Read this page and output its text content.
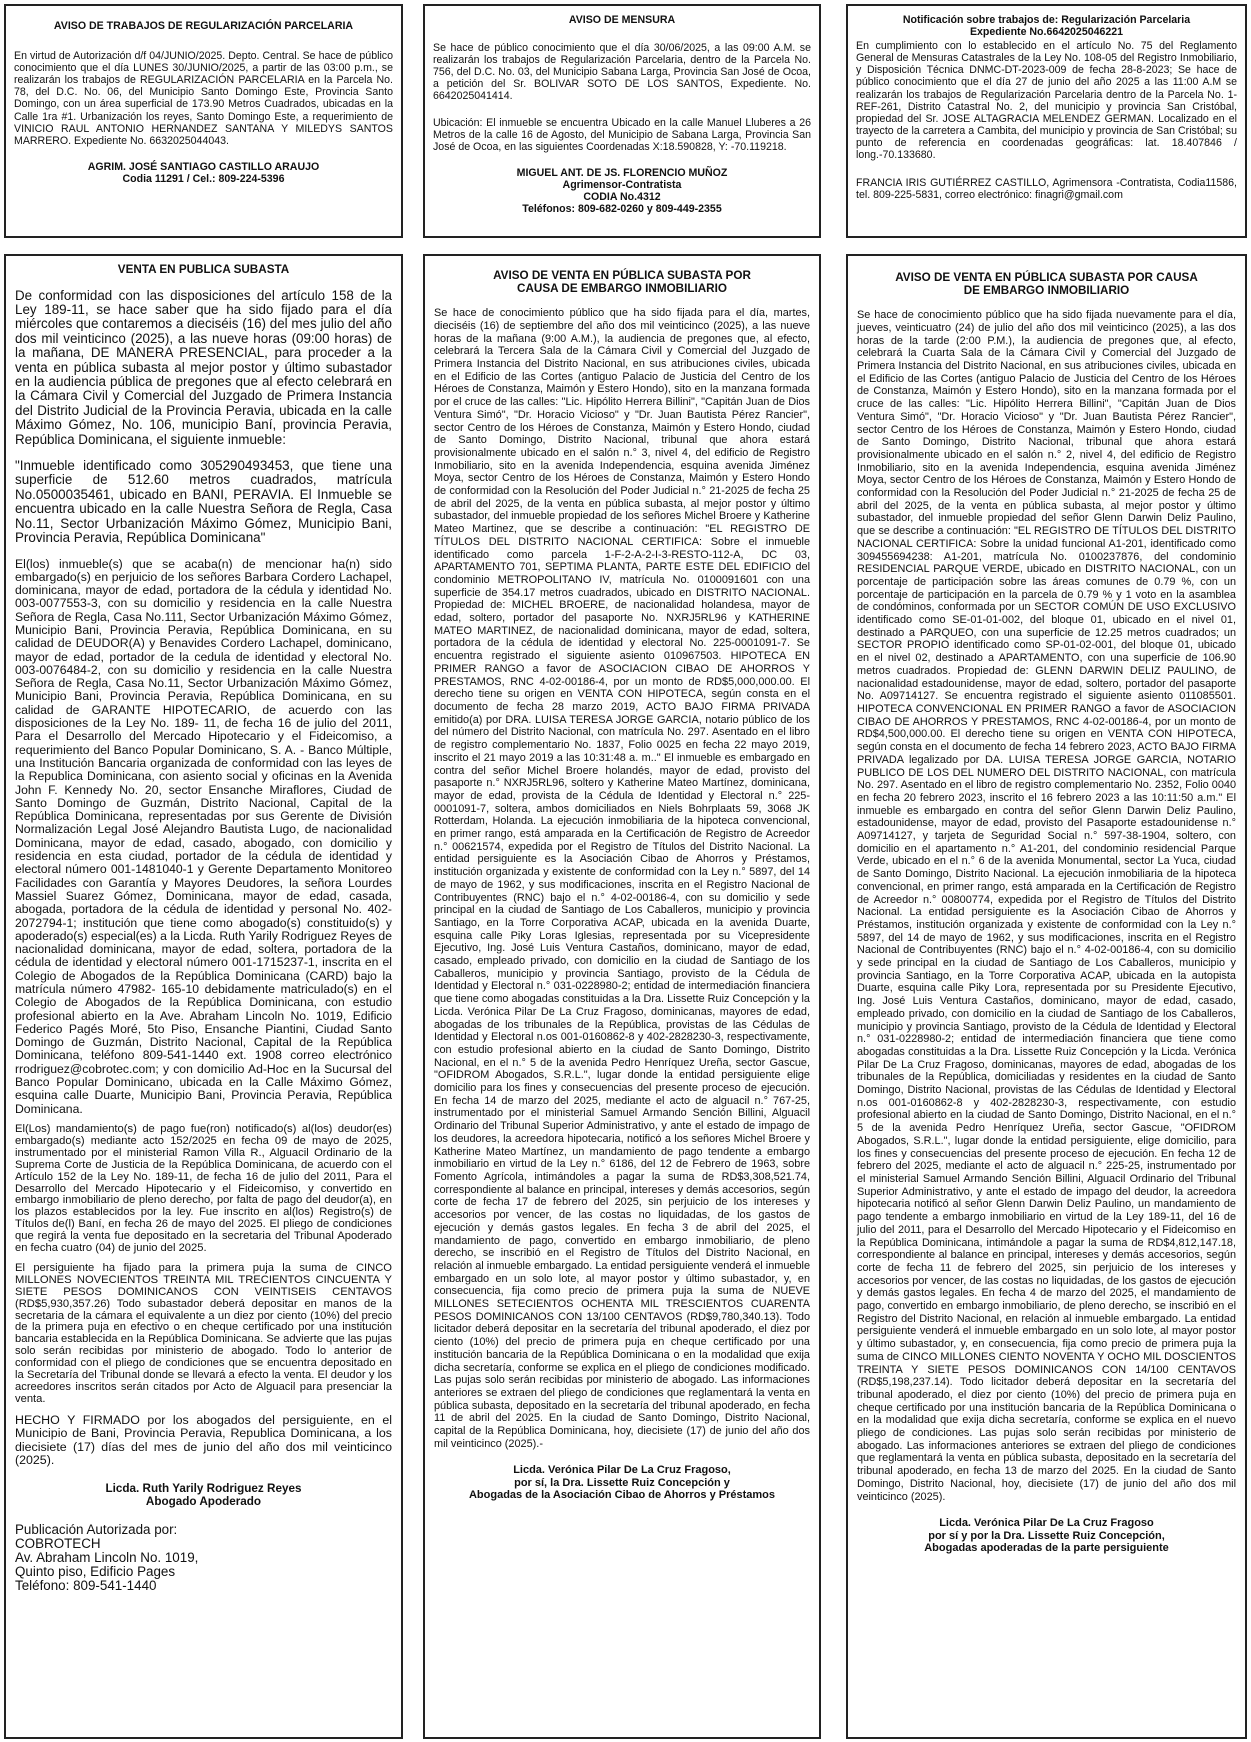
AVISO DE TRABAJOS DE REGULARIZACIÓN PARCELARIA
En virtud de Autorización d/f 04/JUNIO/2025. Depto. Central. Se hace de público conocimiento que el día LUNES 30/JUNIO/2025, a partir de las 03:00 p.m., se realizarán los trabajos de REGULARIZACIÓN PARCELARIA en la Parcela No. 78, del D.C. No. 06, del Municipio Santo Domingo Este, Provincia Santo Domingo, con un área superficial de 173.90 Metros Cuadrados, ubicadas en la Calle 1ra #1. Urbanización los reyes, Santo Domingo Este, a requerimiento de VINICIO RAUL ANTONIO HERNANDEZ SANTANA Y MILEDYS SANTOS MARRERO. Expediente No. 6632025044043.
AGRIM. JOSÉ SANTIAGO CASTILLO ARAUJO
Codia 11291 / Cel.: 809-224-5396
AVISO DE MENSURA
Se hace de público conocimiento que el día 30/06/2025, a las 09:00 A.M. se realizarán los trabajos de Regularización Parcelaria, dentro de la Parcela No. 756, del D.C. No. 03, del Municipio Sabana Larga, Provincia San José de Ocoa, a petición del Sr. BOLIVAR SOTO DE LOS SANTOS, Expediente. No. 6642025041414.
Ubicación: El inmueble se encuentra Ubicado en la calle Manuel Lluberes a 26 Metros de la calle 16 de Agosto, del Municipio de Sabana Larga, Provincia San José de Ocoa, en las siguientes Coordenadas X:18.590828, Y: -70.119218.
MIGUEL ANT. DE JS. FLORENCIO MUÑOZ
Agrimensor-Contratista
CODIA No.4312
Teléfonos: 809-682-0260 y 809-449-2355
Notificación sobre trabajos de: Regularización Parcelaria
Expediente No.6642025046221
En cumplimiento con lo establecido en el artículo No. 75 del Reglamento General de Mensuras Catastrales de la Ley No. 108-05 del Registro Inmobiliario, y Disposición Técnica DNMC-DT-2023-009 de fecha 28-8-2023; Se hace de público conocimiento que el día 27 de junio del año 2025 a las 11:00 A.M se realizarán los trabajos de Regularización Parcelaria dentro de la Parcela No. 1-REF-261, Distrito Catastral No. 2, del municipio y provincia San Cristóbal, propiedad del Sr. JOSE ALTAGRACIA MELENDEZ GERMAN. Localizado en el trayecto de la carretera a Cambita, del municipio y provincia de San Cristóbal; su punto de referencia en coordenadas geográficas: lat. 18.407846 / long.-70.133680.
FRANCIA IRIS GUTIÉRREZ CASTILLO, Agrimensora -Contratista, Codia11586, tel. 809-225-5831, correo electrónico: finagri@gmail.com
VENTA EN PUBLICA SUBASTA
De conformidad con las disposiciones del artículo 158 de la Ley 189-11, se hace saber que ha sido fijado para el día miércoles que contaremos a dieciséis (16) del mes julio del año dos mil veinticinco (2025), a las nueve horas (09:00 horas) de la mañana, DE MANERA PRESENCIAL, para proceder a la venta en pública subasta al mejor postor y último subastador en la audiencia pública de pregones que al efecto celebrará en la Cámara Civil y Comercial del Juzgado de Primera Instancia del Distrito Judicial de la Provincia Peravia, ubicada en la calle Máximo Gómez, No. 106, municipio Baní, provincia Peravia, República Dominicana, el siguiente inmueble:
"Inmueble identificado como 305290493453, que tiene una superficie de 512.60 metros cuadrados, matrícula No.0500035461, ubicado en BANI, PERAVIA. El Inmueble se encuentra ubicado en la calle Nuestra Señora de Regla, Casa No.11, Sector Urbanización Máximo Gómez, Municipio Bani, Provincia Peravia, República Dominicana"
El(los) inmueble(s) que se acaba(n) de mencionar ha(n) sido embargado(s) en perjuicio de los señores Barbara Cordero Lachapel, dominicana, mayor de edad, portadora de la cédula y identidad No. 003-0077553-3, con su domicilio y residencia en la calle Nuestra Señora de Regla, Casa No.111, Sector Urbanización Máximo Gómez, Municipio Bani, Provincia Peravia, República Dominicana, en su calidad de DEUDOR(A) y Benavides Cordero Lachapel, dominicano, mayor de edad, portador de la cedula de identidad y electoral No. 003-0076484-2, con su domicilio y residencia en la calle Nuestra Señora de Regla, Casa No.11, Sector Urbanización Máximo Gómez, Municipio Bani, Provincia Peravia, República Dominicana, en su calidad de GARANTE HIPOTECARIO, de acuerdo con las disposiciones de la Ley No. 189- 11, de fecha 16 de julio del 2011, Para el Desarrollo del Mercado Hipotecario y el Fideicomiso, a requerimiento del Banco Popular Dominicano, S. A. - Banco Múltiple, una Institución Bancaria organizada de conformidad con las leyes de la Republica Dominicana, con asiento social y oficinas en la Avenida John F. Kennedy No. 20, sector Ensanche Miraflores, Ciudad de Santo Domingo de Guzmán, Distrito Nacional, Capital de la República Dominicana, representadas por sus Gerente de División Normalización Legal José Alejandro Bautista Lugo, de nacionalidad Dominicana, mayor de edad, casado, abogado, con domicilio y residencia en esta ciudad, portador de la cédula de identidad y electoral número 001-1481040-1 y Gerente Departamento Monitoreo Facilidades con Garantía y Mayores Deudores, la señora Lourdes Massiel Suarez Gómez, Dominicana, mayor de edad, casada, abogada, portadora de la cédula de identidad y personal No. 402-2072794-1; institución que tiene como abogado(s) constituido(s) y apoderado(s) especial(es) a la Licda. Ruth Yarily Rodriguez Reyes de nacionalidad dominicana, mayor de edad, soltera, portadora de la cédula de identidad y electoral número 001-1715237-1, inscrita en el Colegio de Abogados de la República Dominicana (CARD) bajo la matrícula número 47982- 165-10 debidamente matriculado(s) en el Colegio de Abogados de la República Dominicana, con estudio profesional abierto en la Ave. Abraham Lincoln No. 1019, Edificio Federico Pagés Moré, 5to Piso, Ensanche Piantini, Ciudad Santo Domingo de Guzmán, Distrito Nacional, Capital de la República Dominicana, teléfono 809-541-1440 ext. 1908 correo electrónico rrodriguez@cobrotec.com; y con domicilio Ad-Hoc en la Sucursal del Banco Popular Dominicano, ubicada en la Calle Máximo Gómez, esquina calle Duarte, Municipio Bani, Provincia Peravia, República Dominicana.
El(Los) mandamiento(s) de pago fue(ron) notificado(s) al(los) deudor(es) embargado(s) mediante acto 152/2025 en fecha 09 de mayo de 2025, instrumentado por el ministerial Ramon Villa R., Alguacil Ordinario de la Suprema Corte de Justicia de la República Dominicana, de acuerdo con el Artículo 152 de la Ley No. 189-11, de fecha 16 de julio del 2011, Para el Desarrollo del Mercado Hipotecario y el Fideicomiso, y convertido en embargo inmobiliario de pleno derecho, por falta de pago del deudor(a), en los plazos establecidos por la ley. Fue inscrito en al(los) Registro(s) de Títulos de(l) Baní, en fecha 26 de mayo del 2025. El pliego de condiciones que regirá la venta fue depositado en la secretaria del Tribunal Apoderado en fecha cuatro (04) de junio del 2025.
El persiguiente ha fijado para la primera puja la suma de CINCO MILLONES NOVECIENTOS TREINTA MIL TRECIENTOS CINCUENTA Y SIETE PESOS DOMINICANOS CON VEINTISEIS CENTAVOS (RD$5,930,357.26) Todo subastador deberá depositar en manos de la secretaria de la cámara el equivalente a un diez por ciento (10%) del precio de la primera puja en efectivo o en cheque certificado por una institución bancaria establecida en la República Dominicana. Se advierte que las pujas solo serán recibidas por ministerio de abogado. Todo lo anterior de conformidad con el pliego de condiciones que se encuentra depositado en la Secretaría del Tribunal donde se llevará a efecto la venta. El deudor y los acreedores inscritos serán citados por Acto de Alguacil para presenciar la venta.
HECHO Y FIRMADO por los abogados del persiguiente, en el Municipio de Bani, Provincia Peravia, Republica Dominicana, a los diecisiete (17) días del mes de junio del año dos mil veinticinco (2025).
Licda. Ruth Yarily Rodriguez Reyes
Abogado Apoderado
Publicación Autorizada por:
COBROTECH
Av. Abraham Lincoln No. 1019,
Quinto piso, Edificio Pages
Teléfono: 809-541-1440
AVISO DE VENTA EN PÚBLICA SUBASTA POR
CAUSA DE EMBARGO INMOBILIARIO
Se hace de conocimiento público que ha sido fijada para el día, martes, dieciséis (16) de septiembre del año dos mil veinticinco (2025), a las nueve horas de la mañana (9:00 A.M.), la audiencia de pregones que, al efecto, celebrará la Tercera Sala de la Cámara Civil y Comercial del Juzgado de Primera Instancia del Distrito Nacional, en sus atribuciones civiles, ubicada en el Edificio de las Cortes (antiguo Palacio de Justicia del Centro de los Héroes de Constanza, Maimón y Estero Hondo), sito en la manzana formada por el cruce de las calles: "Lic. Hipólito Herrera Billini", "Capitán Juan de Dios Ventura Simó", "Dr. Horacio Vicioso" y "Dr. Juan Bautista Pérez Rancier", sector Centro de los Héroes de Constanza, Maimón y Estero Hondo, ciudad de Santo Domingo, Distrito Nacional, tribunal que ahora estará provisionalmente ubicado en el salón n.° 3, nivel 4, del edificio de Registro Inmobiliario, sito en la avenida Independencia, esquina avenida Jiménez Moya, sector Centro de los Héroes de Constanza, Maimón y Estero Hondo de conformidad con la Resolución del Poder Judicial n.° 21-2025 de fecha 25 de abril del 2025, de la venta en pública subasta, al mejor postor y último subastador, del inmueble propiedad de los señores Michel Broere y Katherine Mateo Martinez, que se describe a continuación: "EL REGISTRO DE TÍTULOS DEL DISTRITO NACIONAL CERTIFICA: Sobre el inmueble identificado como parcela 1-F-2-A-2-I-3-RESTO-112-A, DC 03, APARTAMENTO 701, SEPTIMA PLANTA, PARTE ESTE DEL EDIFICIO del condominio METROPOLITANO IV, matrícula No. 0100091601 con una superficie de 354.17 metros cuadrados, ubicado en DISTRITO NACIONAL. Propiedad de: MICHEL BROERE, de nacionalidad holandesa, mayor de edad, soltero, portador del pasaporte No. NXRJ5RL96 y KATHERINE MATEO MARTINEZ, de nacionalidad dominicana, mayor de edad, soltera, portadora de la cédula de identidad y electoral No. 225-0001091-7. Se encuentra registrado el siguiente asiento 010967503. HIPOTECA EN PRIMER RANGO a favor de ASOCIACION CIBAO DE AHORROS Y PRESTAMOS, RNC 4-02-00186-4, por un monto de RD$5,000,000.00. El derecho tiene su origen en VENTA CON HIPOTECA, según consta en el documento de fecha 28 marzo 2019, ACTO BAJO FIRMA PRIVADA emitido(a) por DRA. LUISA TERESA JORGE GARCIA, notario público de los del número del Distrito Nacional, con matrícula No. 297. Asentado en el libro de registro complementario No. 1837, Folio 0025 en fecha 22 mayo 2019, inscrito el 21 mayo 2019 a las 10:31:48 a. m.." El inmueble es embargado en contra del señor Michel Broere holandés, mayor de edad, provisto del pasaporte n.° NXRJ5RL96, soltero y Katherine Mateo Martínez, dominicana, mayor de edad, provista de la Cédula de Identidad y Electoral n.° 225-0001091-7, soltera, ambos domiciliados en Niels Bohrplaats 59, 3068 JK Rotterdam, Holanda. La ejecución inmobiliaria de la hipoteca convencional, en primer rango, está amparada en la Certificación de Registro de Acreedor n.° 00621574, expedida por el Registro de Títulos del Distrito Nacional. La entidad persiguiente es la Asociación Cibao de Ahorros y Préstamos, institución organizada y existente de conformidad con la Ley n.° 5897, del 14 de mayo de 1962, y sus modificaciones, inscrita en el Registro Nacional de Contribuyentes (RNC) bajo el n.° 4-02-00186-4, con su domicilio y sede principal en la ciudad de Santiago de Los Caballeros, municipio y provincia Santiago, en la Torre Corporativa ACAP, ubicada en la avenida Duarte, esquina calle Piky Loras Iglesias, representada por su Vicepresidente Ejecutivo, Ing. José Luis Ventura Castaños, dominicano, mayor de edad, casado, empleado privado, con domicilio en la ciudad de Santiago de los Caballeros, municipio y provincia Santiago, provisto de la Cédula de Identidad y Electoral n.° 031-0228980-2; entidad de intermediación financiera que tiene como abogadas constituidas a la Dra. Lissette Ruiz Concepción y la Licda. Verónica Pilar De La Cruz Fragoso, dominicanas, mayores de edad, abogadas de los tribunales de la República, provistas de las Cédulas de Identidad y Electoral n.os 001-0160862-8 y 402-2828230-3, respectivamente, con estudio profesional abierto en la ciudad de Santo Domingo, Distrito Nacional, en el n.° 5 de la avenida Pedro Henríquez Ureña, sector Gascue, "OFIDROM Abogados, S.R.L.", lugar donde la entidad persiguiente elige domicilio para los fines y consecuencias del presente proceso de ejecución. En fecha 14 de marzo del 2025, mediante el acto de alguacil n.° 767-25, instrumentado por el ministerial Samuel Armando Sención Billini, Alguacil Ordinario del Tribunal Superior Administrativo, y ante el estado de impago de los deudores, la acreedora hipotecaria, notificó a los señores Michel Broere y Katherine Mateo Martínez, un mandamiento de pago tendente a embargo inmobiliario en virtud de la Ley n.° 6186, del 12 de Febrero de 1963, sobre Fomento Agrícola, intimándoles a pagar la suma de RD$3,308,521.74, correspondiente al balance en principal, intereses y demás accesorios, según corte de fecha 17 de febrero del 2025, sin perjuicio de los intereses y accesorios por vencer, de las costas no liquidadas, de los gastos de ejecución y demás gastos legales. En fecha 3 de abril del 2025, el mandamiento de pago, convertido en embargo inmobiliario, de pleno derecho, se inscribió en el Registro de Títulos del Distrito Nacional, en relación al inmueble embargado. La entidad persiguiente venderá el inmueble embargado en un solo lote, al mayor postor y último subastador, y, en consecuencia, fija como precio de primera puja la suma de NUEVE MILLONES SETECIENTOS OCHENTA MIL TRESCIENTOS CUARENTA PESOS DOMINICANOS CON 13/100 CENTAVOS (RD$9,780,340.13). Todo licitador deberá depositar en la secretaría del tribunal apoderado, el diez por ciento (10%) del precio de primera puja en cheque certificado por una institución bancaria de la República Dominicana o en la modalidad que exija dicha secretaría, conforme se explica en el pliego de condiciones modificado. Las pujas solo serán recibidas por ministerio de abogado. Las informaciones anteriores se extraen del pliego de condiciones que reglamentará la venta en pública subasta, depositado en la secretaría del tribunal apoderado, en fecha 11 de abril del 2025. En la ciudad de Santo Domingo, Distrito Nacional, capital de la República Dominicana, hoy, diecisiete (17) de junio del año dos mil veinticinco (2025).-
Licda. Verónica Pilar De La Cruz Fragoso,
por sí, la Dra. Lissette Ruiz Concepción y
Abogadas de la Asociación Cibao de Ahorros y Préstamos
AVISO DE VENTA EN PÚBLICA SUBASTA POR CAUSA
DE EMBARGO INMOBILIARIO
Se hace de conocimiento público que ha sido fijada nuevamente para el día, jueves, veinticuatro (24) de julio del año dos mil veinticinco (2025), a las dos horas de la tarde (2:00 P.M.), la audiencia de pregones que, al efecto, celebrará la Cuarta Sala de la Cámara Civil y Comercial del Juzgado de Primera Instancia del Distrito Nacional, en sus atribuciones civiles, ubicada en el Edificio de las Cortes (antiguo Palacio de Justicia del Centro de los Héroes de Constanza, Maimón y Estero Hondo), sito en la manzana formada por el cruce de las calles: "Lic. Hipólito Herrera Billini", "Capitán Juan de Dios Ventura Simó", "Dr. Horacio Vicioso" y "Dr. Juan Bautista Pérez Rancier", sector Centro de los Héroes de Constanza, Maimón y Estero Hondo, ciudad de Santo Domingo, Distrito Nacional, tribunal que ahora estará provisionalmente ubicado en el salón n.° 2, nivel 4, del edificio de Registro Inmobiliario, sito en la avenida Independencia, esquina avenida Jiménez Moya, sector Centro de los Héroes de Constanza, Maimón y Estero Hondo de conformidad con la Resolución del Poder Judicial n.° 21-2025 de fecha 25 de abril del 2025, de la venta en pública subasta, al mejor postor y último subastador, del inmueble propiedad del señor Glenn Darwin Deliz Paulino, que se describe a continuación: "EL REGISTRO DE TÍTULOS DEL DISTRITO NACIONAL CERTIFICA: Sobre la unidad funcional A1-201, identificado como 309455694238: A1-201, matrícula No. 0100237876, del condominio RESIDENCIAL PARQUE VERDE, ubicado en DISTRITO NACIONAL, con un porcentaje de participación sobre las áreas comunes de 0.79 %, con un porcentaje de participación en la parcela de 0.79 % y 1 voto en la asamblea de condóminos, conformada por un SECTOR COMÚN DE USO EXCLUSIVO identificado como SE-01-01-002, del bloque 01, ubicado en el nivel 01, destinado a PARQUEO, con una superficie de 12.25 metros cuadrados; un SECTOR PROPIO identificado como SP-01-02-001, del bloque 01, ubicado en el nivel 02, destinado a APARTAMENTO, con una superficie de 106.90 metros cuadrados. Propiedad de: GLENN DARWIN DELIZ PAULINO, de nacionalidad estadounidense, mayor de edad, soltero, portador del pasaporte No. A09714127. Se encuentra registrado el siguiente asiento 011085501. HIPOTECA CONVENCIONAL EN PRIMER RANGO a favor de ASOCIACION CIBAO DE AHORROS Y PRESTAMOS, RNC 4-02-00186-4, por un monto de RD$4,500,000.00. El derecho tiene su origen en VENTA CON HIPOTECA, según consta en el documento de fecha 14 febrero 2023, ACTO BAJO FIRMA PRIVADA legalizado por DA. LUISA TERESA JORGE GARCIA, NOTARIO PUBLICO DE LOS DEL NUMERO DEL DISTRITO NACIONAL, con matrícula No. 297. Asentado en el libro de registro complementario No. 2352, Folio 0040 en fecha 20 febrero 2023, inscrito el 16 febrero 2023 a las 10:11:50 a.m." El inmueble es embargado en contra del señor Glenn Darwin Deliz Paulino, estadounidense, mayor de edad, provisto del Pasaporte estadounidense n.° A09714127, y tarjeta de Seguridad Social n.° 597-38-1904, soltero, con domicilio en el apartamento n.° A1-201, del condominio residencial Parque Verde, ubicado en el n.° 6 de la avenida Monumental, sector La Yuca, ciudad de Santo Domingo, Distrito Nacional. La ejecución inmobiliaria de la hipoteca convencional, en primer rango, está amparada en la Certificación de Registro de Acreedor n.° 00800774, expedida por el Registro de Títulos del Distrito Nacional. La entidad persiguiente es la Asociación Cibao de Ahorros y Préstamos, institución organizada y existente de conformidad con la Ley n.° 5897, del 14 de mayo de 1962, y sus modificaciones, inscrita en el Registro Nacional de Contribuyentes (RNC) bajo el n.° 4-02-00186-4, con su domicilio y sede principal en la ciudad de Santiago de Los Caballeros, municipio y provincia Santiago, en la Torre Corporativa ACAP, ubicada en la autopista Duarte, esquina calle Piky Lora, representada por su Presidente Ejecutivo, Ing. José Luis Ventura Castaños, dominicano, mayor de edad, casado, empleado privado, con domicilio en la ciudad de Santiago de los Caballeros, municipio y provincia Santiago, provisto de la Cédula de Identidad y Electoral n.° 031-0228980-2; entidad de intermediación financiera que tiene como abogadas constituidas a la Dra. Lissette Ruiz Concepción y la Licda. Verónica Pilar De La Cruz Fragoso, dominicanas, mayores de edad, abogadas de los tribunales de la República, domiciliadas y residentes en la ciudad de Santo Domingo, Distrito Nacional, provistas de las Cédulas de Identidad y Electoral n.os 001-0160862-8 y 402-2828230-3, respectivamente, con estudio profesional abierto en la ciudad de Santo Domingo, Distrito Nacional, en el n.° 5 de la avenida Pedro Henríquez Ureña, sector Gascue, "OFIDROM Abogados, S.R.L.", lugar donde la entidad persiguiente, elige domicilio, para los fines y consecuencias del presente proceso de ejecución. En fecha 12 de febrero del 2025, mediante el acto de alguacil n.° 225-25, instrumentado por el ministerial Samuel Armando Sención Billini, Alguacil Ordinario del Tribunal Superior Administrativo, y ante el estado de impago del deudor, la acreedora hipotecaria notificó al señor Glenn Darwin Deliz Paulino, un mandamiento de pago tendente a embargo inmobiliario en virtud de la Ley 189-11, del 16 de julio del 2011, para el Desarrollo del Mercado Hipotecario y el Fideicomiso en la República Dominicana, intimándole a pagar la suma de RD$4,812,147.18, correspondiente al balance en principal, intereses y demás accesorios, según corte de fecha 11 de febrero del 2025, sin perjuicio de los intereses y accesorios por vencer, de las costas no liquidadas, de los gastos de ejecución y demás gastos legales. En fecha 4 de marzo del 2025, el mandamiento de pago, convertido en embargo inmobiliario, de pleno derecho, se inscribió en el Registro del Distrito Nacional, en relación al inmueble embargado. La entidad persiguiente venderá el inmueble embargado en un solo lote, al mayor postor y último subastador, y, en consecuencia, fija como precio de primera puja la suma de CINCO MILLONES CIENTO NOVENTA Y OCHO MIL DOSCIENTOS TREINTA Y SIETE PESOS DOMINICANOS CON 14/100 CENTAVOS (RD$5,198,237.14). Todo licitador deberá depositar en la secretaría del tribunal apoderado, el diez por ciento (10%) del precio de primera puja en cheque certificado por una institución bancaria de la República Dominicana o en la modalidad que exija dicha secretaría, conforme se explica en el nuevo pliego de condiciones. Las pujas solo serán recibidas por ministerio de abogado. Las informaciones anteriores se extraen del pliego de condiciones que reglamentará la venta en pública subasta, depositado en la secretaría del tribunal apoderado, en fecha 13 de marzo del 2025. En la ciudad de Santo Domingo, Distrito Nacional, hoy, diecisiete (17) de junio del año dos mil veinticinco (2025).
Licda. Verónica Pilar De La Cruz Fragoso
por sí y por la Dra. Lissette Ruiz Concepción,
Abogadas apoderadas de la parte persiguiente
